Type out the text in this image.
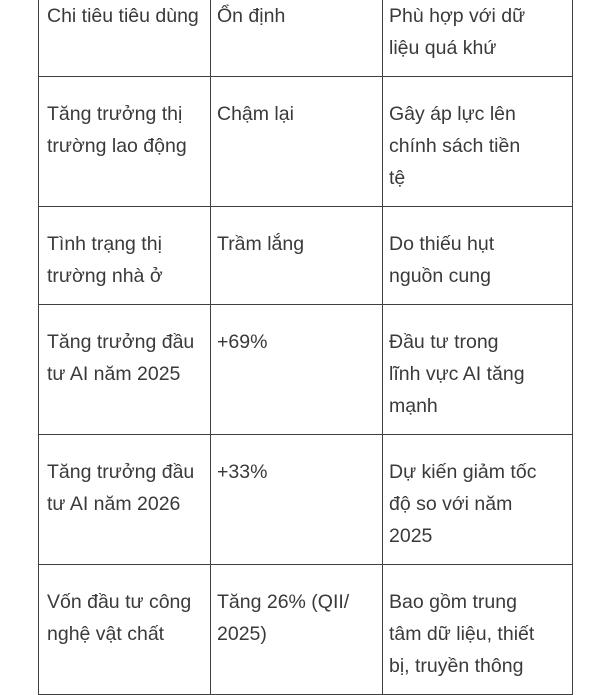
Chi tiêu tiêu dùng	Ổn định	Phù hợp với dữ
liệu quá khứ

Tăng trưởng thị
trường lao động	Chậm lại	Gây áp lực lên
chính sách tiền
tệ

Tình trạng thị
trường nhà ở	Trầm lắng	Do thiếu hụt
nguồn cung

Tăng trưởng đầu
tư AI năm 2025	+69%	Đầu tư trong
lĩnh vực AI tăng
mạnh

Tăng trưởng đầu
tư AI năm 2026	+33%	Dự kiến giảm tốc
độ so với năm
2025

Vốn đầu tư công
nghệ vật chất	Tăng 26% (QII/
2025)	Bao gồm trung
tâm dữ liệu, thiết
bị, truyền thông
